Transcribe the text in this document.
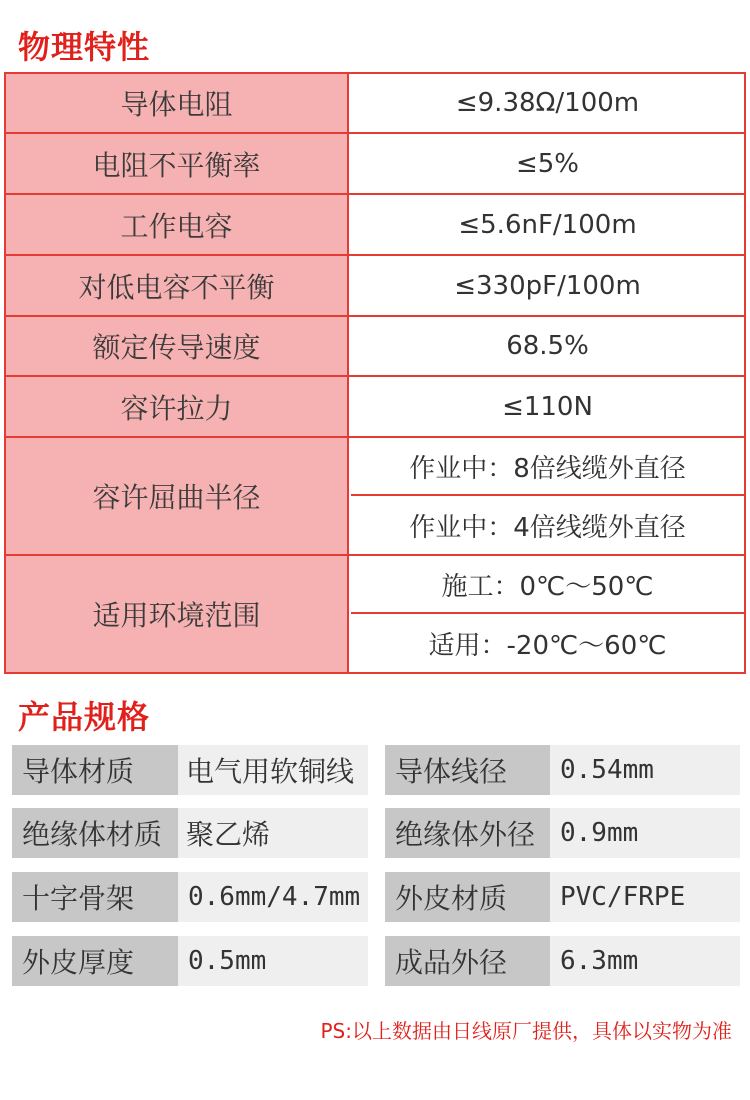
物理特性
导体电阻	≤9.38Ω/100m
电阻不平衡率	≤5%
工作电容	≤5.6nF/100m
对低电容不平衡	≤330pF/100m
额定传导速度	68.5%
容许拉力	≤110N
容许屈曲半径
作业中：8倍线缆外直径
作业中：4倍线缆外直径
适用环境范围
施工：0℃～50℃
适用：-20℃～60℃
产品规格
导体材质	电气用软铜线	导体线径	0.54mm
绝缘体材质 聚乙烯	绝缘体外径 0.9mm
十字骨架	0.6mm/4.7mm	外皮材质	PVC/FRPE
外皮厚度	0.5mm	成品外径	6.3mm
PS:以上数据由日线原厂提供，具体以实物为准
